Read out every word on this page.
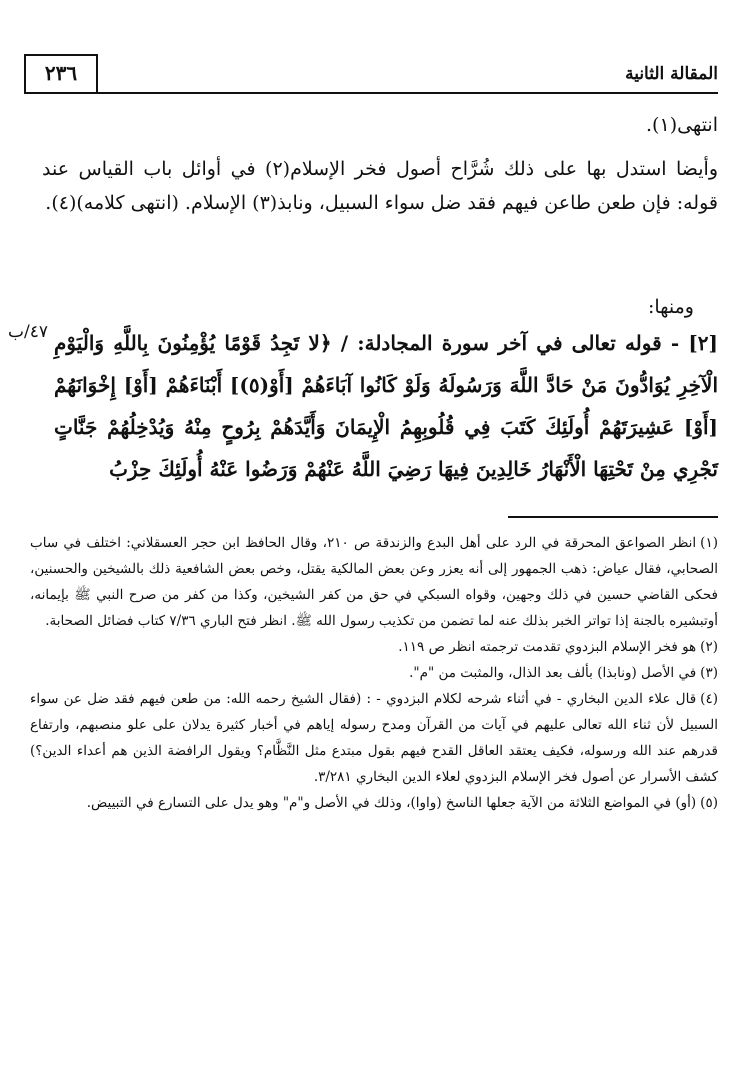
المقالة الثانية
٢٣٦

انتهى(١).

وأيضا استدل بها على ذلك شُرَّاح أصول فخر الإسلام(٢) في أوائل باب القياس عند قوله: فإن طعن طاعن فيهم فقد ضل سواء السبيل، ونابذ(٣) الإسلام. (انتهى كلامه)(٤).

ومنها:

٤٧/ب [٢] - قوله تعالى في آخر سورة المجادلة: / ﴿لا تَجِدُ قَوْمًا يُؤْمِنُونَ بِاللَّهِ وَالْيَوْمِ الْآخِرِ يُوَادُّونَ مَنْ حَادَّ اللَّهَ وَرَسُولَهُ وَلَوْ كَانُوا آبَاءَهُمْ [أَوْ(٥)] أَبْنَاءَهُمْ [أَوْ] إِخْوَانَهُمْ [أَوْ] عَشِيرَتَهُمْ أُولَئِكَ كَتَبَ فِي قُلُوبِهِمُ الْإِيمَانَ وَأَيَّدَهُمْ بِرُوحٍ مِنْهُ وَيُدْخِلُهُمْ جَنَّاتٍ تَجْرِي مِنْ تَحْتِهَا الْأَنْهَارُ خَالِدِينَ فِيهَا رَضِيَ اللَّهُ عَنْهُمْ وَرَضُوا عَنْهُ أُولَئِكَ حِزْبُ

(١)انظر الصواعق المحرقة في الرد على أهل البدع والزندقة ص ٢١٠، وقال الحافظ ابن حجر العسقلاني: اختلف في ساب الصحابي، فقال عياض: ذهب الجمهور إلى أنه يعزر وعن بعض المالكية يقتل، وخص بعض الشافعية ذلك بالشيخين والحسنين، فحكى القاضي حسين في ذلك وجهين، وقواه السبكي في حق من كفر الشيخين، وكذا من كفر من صرح النبي ﷺ بإيمانه، أوتبشيره بالجنة إذا تواتر الخبر بذلك عنه لما تضمن من تكذيب رسول الله ﷺ. انظر فتح الباري ٧/٣٦ كتاب فضائل الصحابة.

(٢)هو فخر الإسلام البزدوي تقدمت ترجمته انظر ص ١١٩.

(٣)في الأصل (ونابذا) بألف بعد الذال، والمثبت من "م".

(٤)قال علاء الدين البخاري - في أثناء شرحه لكلام البزدوي - : (فقال الشيخ رحمه الله: من طعن فيهم فقد ضل عن سواء السبيل لأن ثناء الله تعالى عليهم في آيات من القرآن ومدح رسوله إياهم في أخبار كثيرة يدلان على علو منصبهم، وارتفاع قدرهم عند الله ورسوله، فكيف يعتقد العاقل القدح فيهم بقول مبتدع مثل النَّظَّام؟ ويقول الرافضة الذين هم أعداء الدين؟) كشف الأسرار عن أصول فخر الإسلام البزدوي لعلاء الدين البخاري ٣/٢٨١.

(٥)(أو) في المواضع الثلاثة من الآية جعلها الناسخ (واوا)، وذلك في الأصل و"م" وهو يدل على التسارع في التبييض.
